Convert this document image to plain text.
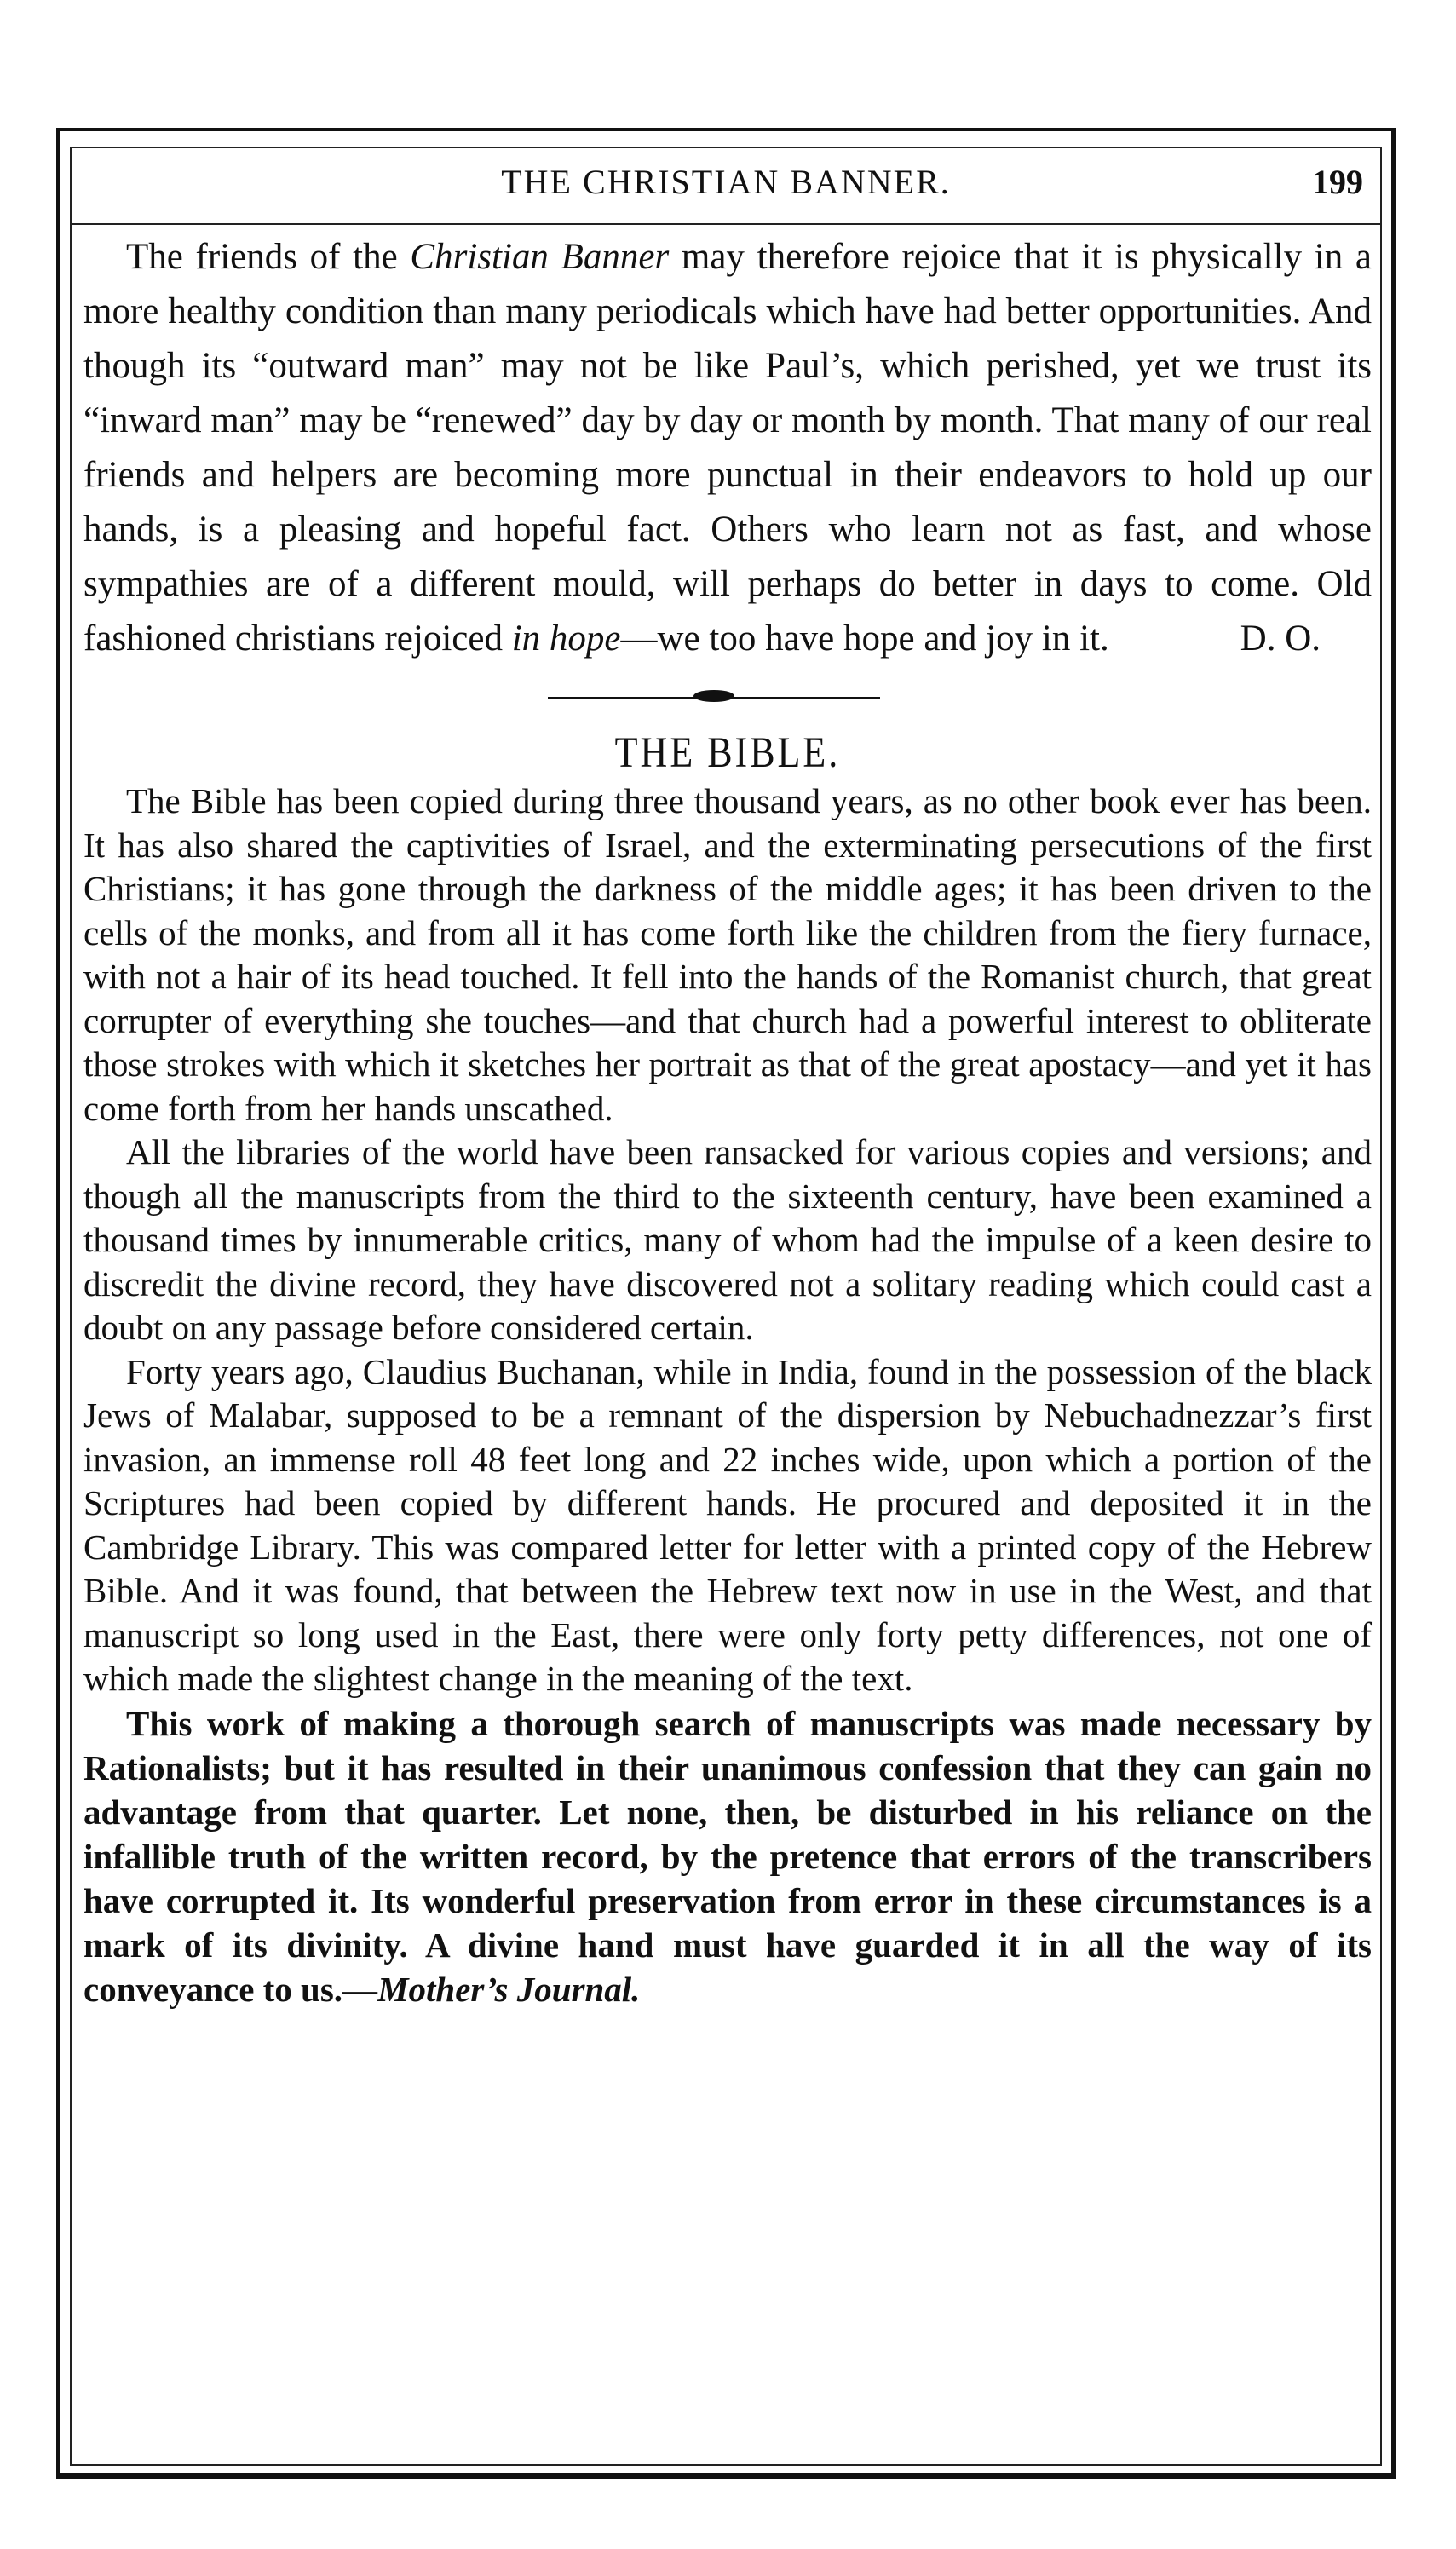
THE CHRISTIAN BANNER.	199

The friends of the Christian Banner may therefore rejoice that it is physically in a more healthy condition than many periodicals which have had better opportunities. And though its “outward man” may not be like Paul’s, which perished, yet we trust its “inward man” may be “renewed” day by day or month by month. That many of our real friends and helpers are becoming more punctual in their endeavors to hold up our hands, is a pleasing and hopeful fact. Others who learn not as fast, and whose sympathies are of a different mould, will perhaps do better in days to come. Old fashioned christians rejoiced in hope—we too have hope and joy in it.	D. O.

THE BIBLE.

The Bible has been copied during three thousand years, as no other book ever has been. It has also shared the captivities of Israel, and the exterminating persecutions of the first Christians; it has gone through the darkness of the middle ages; it has been driven to the cells of the monks, and from all it has come forth like the children from the fiery furnace, with not a hair of its head touched. It fell into the hands of the Romanist church, that great corrupter of everything she touches—and that church had a powerful interest to obliterate those strokes with which it sketches her portrait as that of the great apostacy—and yet it has come forth from her hands unscathed.

All the libraries of the world have been ransacked for various copies and versions; and though all the manuscripts from the third to the sixteenth century, have been examined a thousand times by innumerable critics, many of whom had the impulse of a keen desire to discredit the divine record, they have discovered not a solitary reading which could cast a doubt on any passage before considered certain.

Forty years ago, Claudius Buchanan, while in India, found in the possession of the black Jews of Malabar, supposed to be a remnant of the dispersion by Nebuchadnezzar’s first invasion, an immense roll 48 feet long and 22 inches wide, upon which a portion of the Scriptures had been copied by different hands. He procured and deposited it in the Cambridge Library. This was compared letter for letter with a printed copy of the Hebrew Bible. And it was found, that between the Hebrew text now in use in the West, and that manuscript so long used in the East, there were only forty petty differences, not one of which made the slightest change in the meaning of the text.

This work of making a thorough search of manuscripts was made necessary by Rationalists; but it has resulted in their unanimous confession that they can gain no advantage from that quarter. Let none, then, be disturbed in his reliance on the infallible truth of the written record, by the pretence that errors of the transcribers have corrupted it. Its wonderful preservation from error in these circumstances is a mark of its divinity. A divine hand must have guarded it in all the way of its conveyance to us.—Mother’s Journal.
